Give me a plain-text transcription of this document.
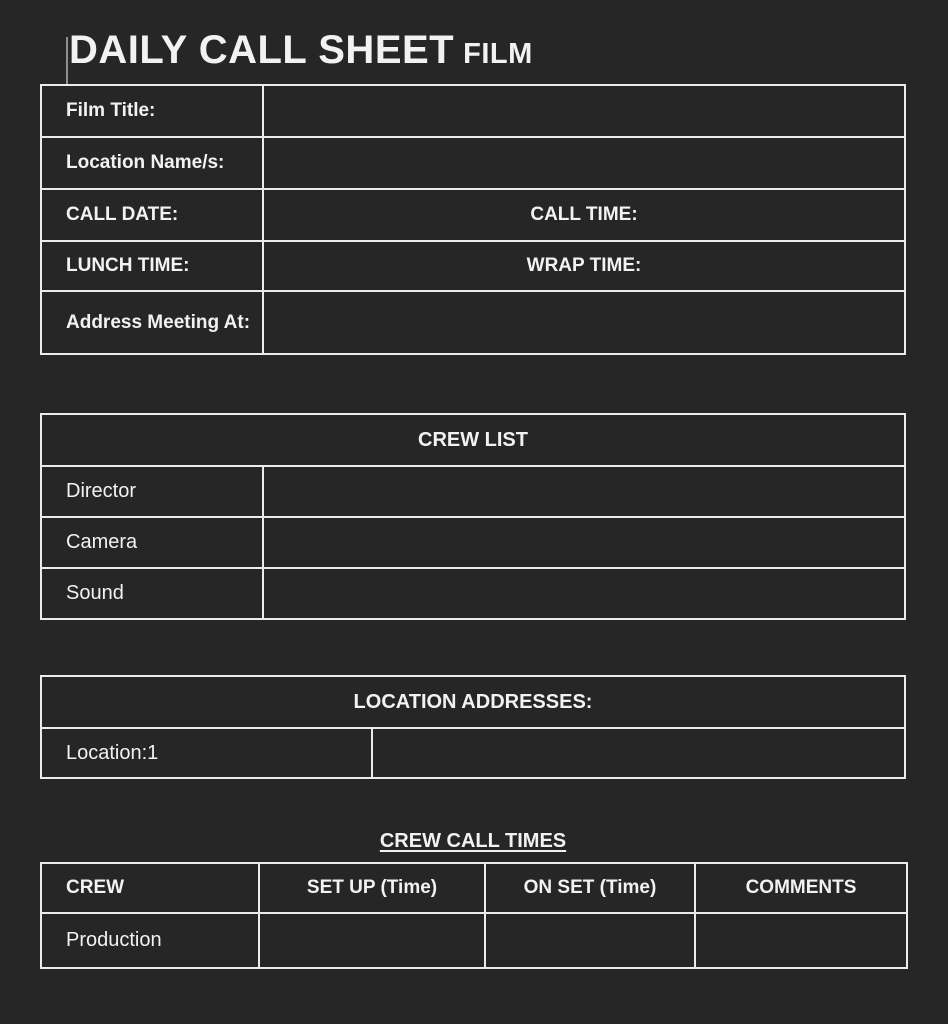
DAILY CALL SHEET FILM
Film Title:	

Location Name/s:	

CALL DATE:	CALL TIME:

LUNCH TIME:	WRAP TIME:

Address Meeting At:	

CREW LIST	

Director	

Camera	

Sound	

LOCATION ADDRESSES:

Location:1

CREW CALL TIMES
CREW	SET UP (Time)	ON SET (Time)	COMMENTS

Production			
